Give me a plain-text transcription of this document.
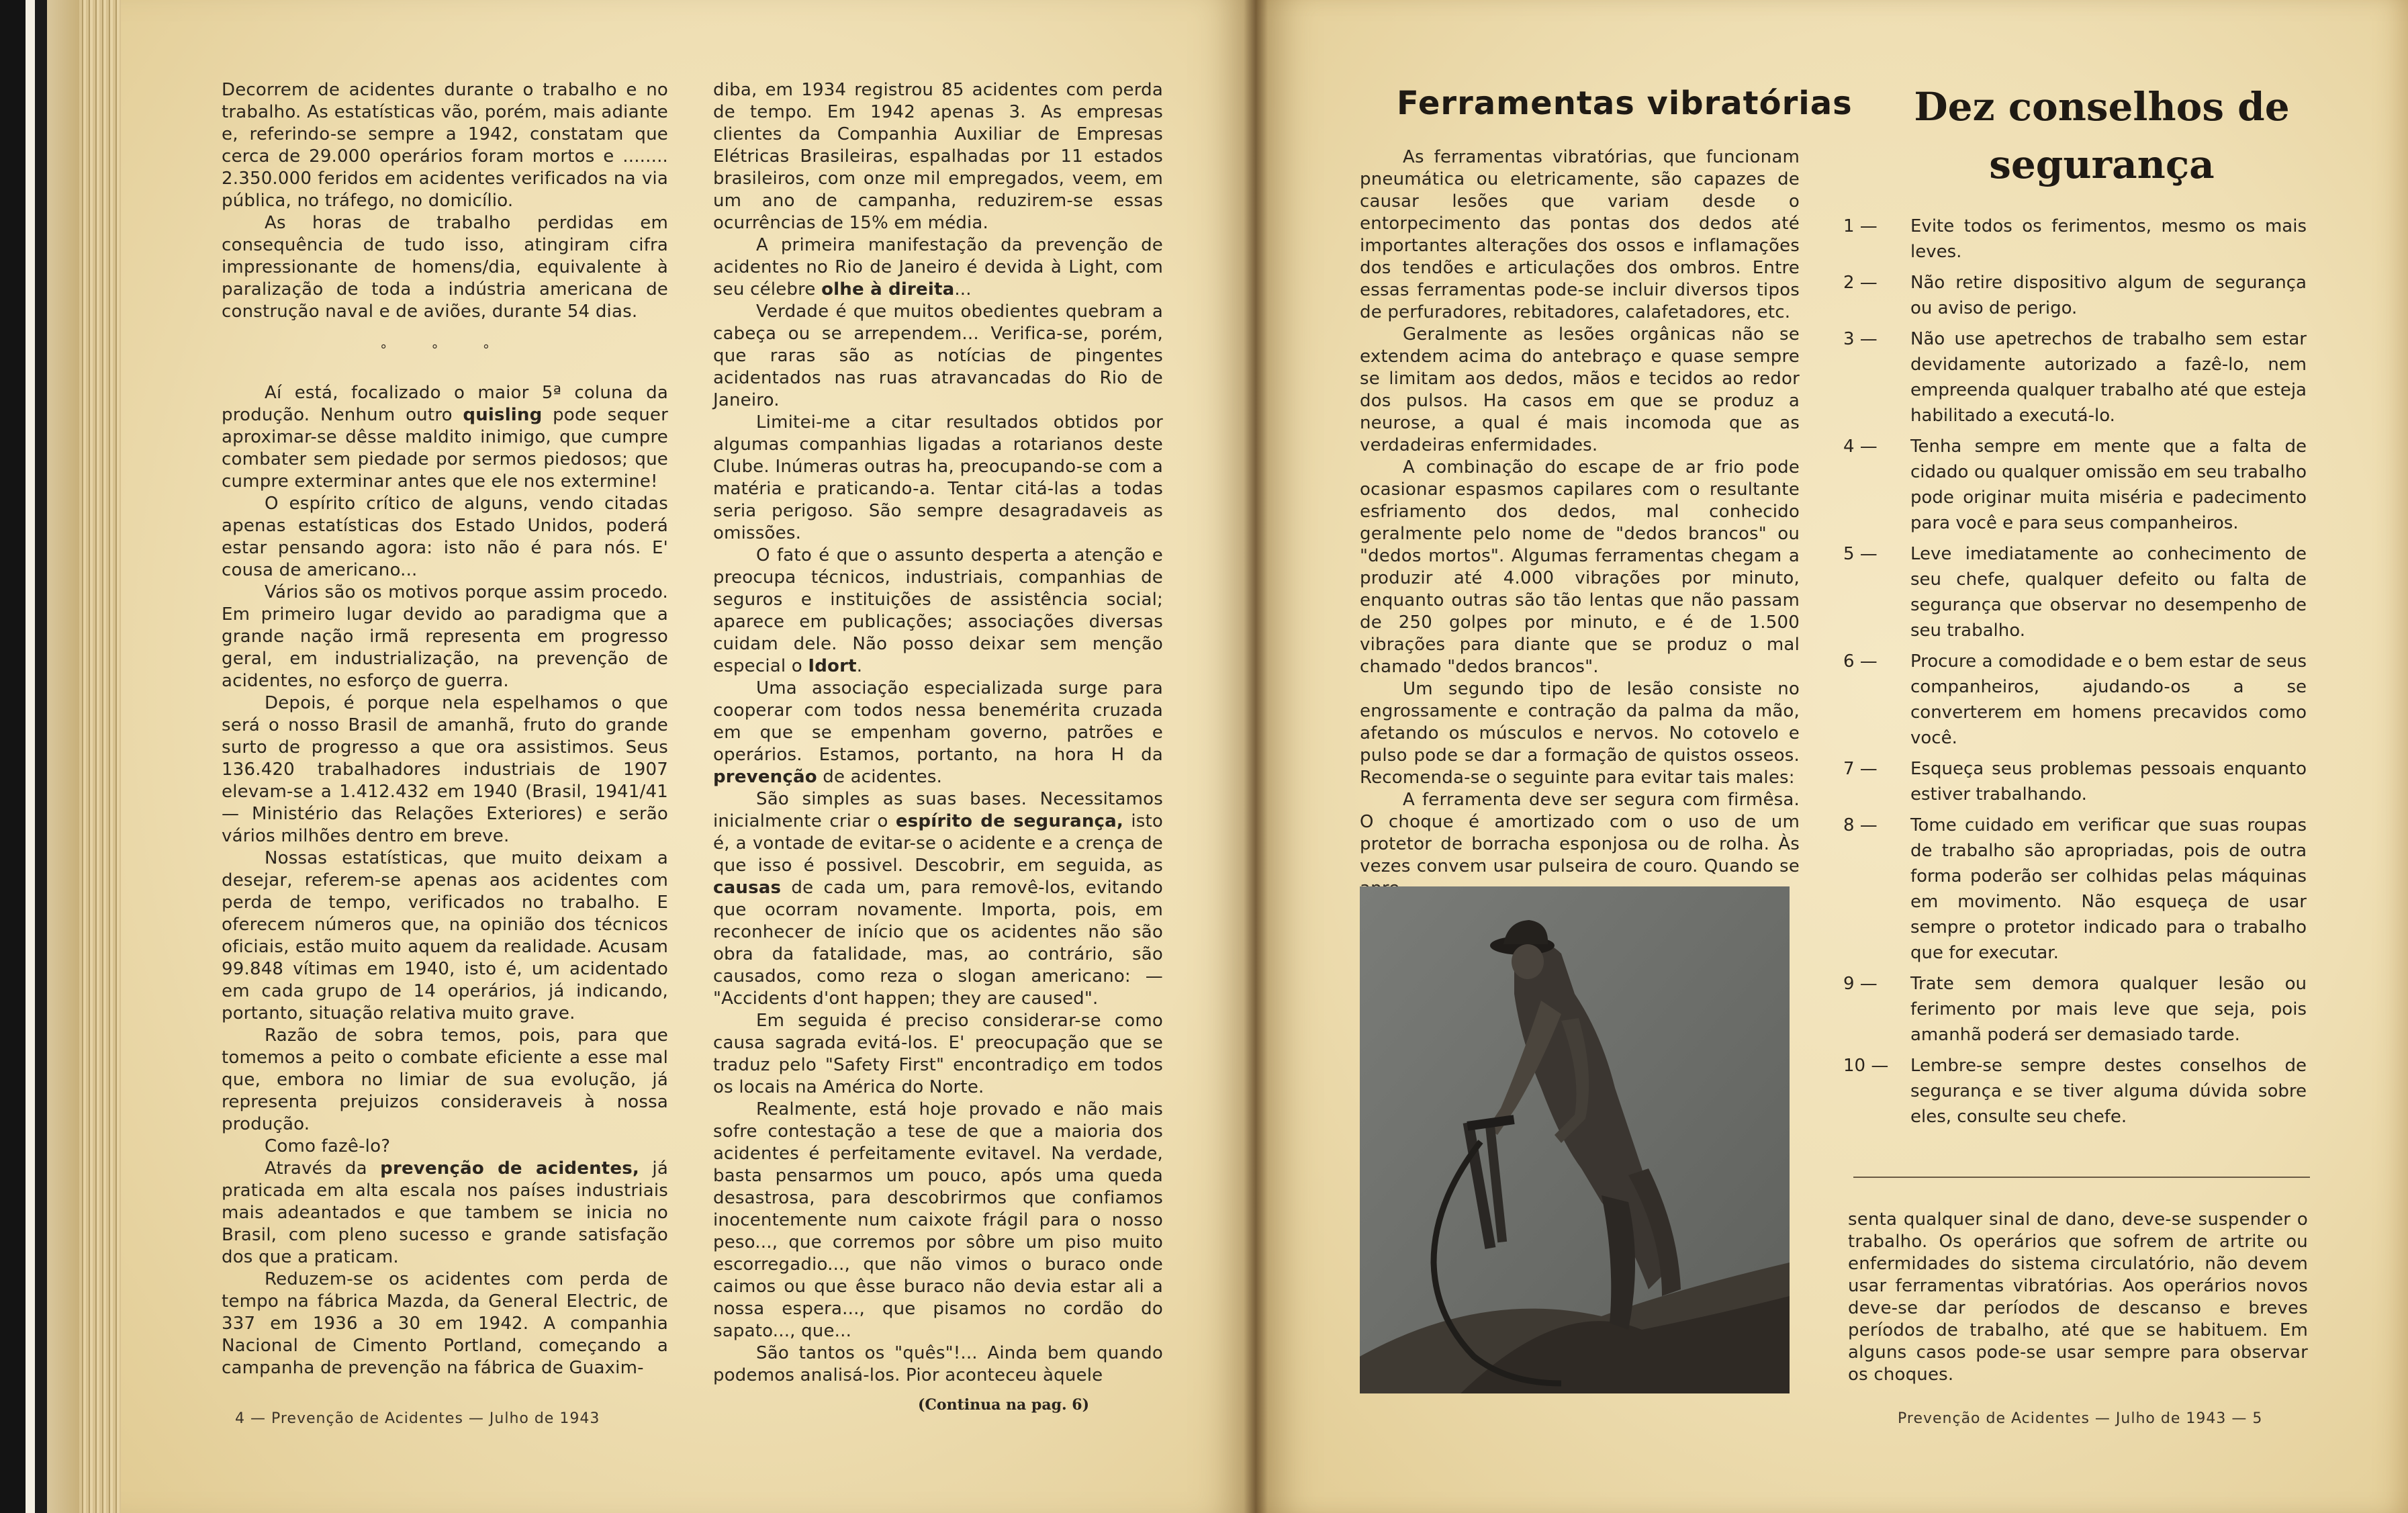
Decorrem de acidentes durante o trabalho e no trabalho. As estatísticas vão, porém, mais adiante e, referindo-se sempre a 1942, constatam que cerca de 29.000 operários foram mortos e ........ 2.350.000 feridos em acidentes verificados na via pública, no tráfego, no domicílio.

As horas de trabalho perdidas em consequência de tudo isso, atingiram cifra impressionante de homens/dia, equivalente à paralização de toda a indústria americana de construção naval e de aviões, durante 54 dias.

° ° °

Aí está, focalizado o maior 5ª coluna da produção. Nenhum outro quisling pode sequer aproximar-se dêsse maldito inimigo, que cumpre combater sem piedade por sermos piedosos; que cumpre exterminar antes que ele nos extermine!

O espírito crítico de alguns, vendo citadas apenas estatísticas dos Estado Unidos, poderá estar pensando agora: isto não é para nós. E' cousa de americano...

Vários são os motivos porque assim procedo. Em primeiro lugar devido ao paradigma que a grande nação irmã representa em progresso geral, em industrialização, na prevenção de acidentes, no esforço de guerra.

Depois, é porque nela espelhamos o que será o nosso Brasil de amanhã, fruto do grande surto de progresso a que ora assistimos. Seus 136.420 trabalhadores industriais de 1907 elevam-se a 1.412.432 em 1940 (Brasil, 1941/41 — Ministério das Relações Exteriores) e serão vários milhões dentro em breve.

Nossas estatísticas, que muito deixam a desejar, referem-se apenas aos acidentes com perda de tempo, verificados no trabalho. E oferecem números que, na opinião dos técnicos oficiais, estão muito aquem da realidade. Acusam 99.848 vítimas em 1940, isto é, um acidentado em cada grupo de 14 operários, já indicando, portanto, situação relativa muito grave.

Razão de sobra temos, pois, para que tomemos a peito o combate eficiente a esse mal que, embora no limiar de sua evolução, já representa prejuizos consideraveis à nossa produção.

Como fazê-lo?

Através da prevenção de acidentes, já praticada em alta escala nos países industriais mais adeantados e que tambem se inicia no Brasil, com pleno sucesso e grande satisfação dos que a praticam.

Reduzem-se os acidentes com perda de tempo na fábrica Mazda, da General Electric, de 337 em 1936 a 30 em 1942. A companhia Nacional de Cimento Portland, começando a campanha de prevenção na fábrica de Guaxim-

diba, em 1934 registrou 85 acidentes com perda de tempo. Em 1942 apenas 3. As empresas clientes da Companhia Auxiliar de Empresas Elétricas Brasileiras, espalhadas por 11 estados brasileiros, com onze mil empregados, veem, em um ano de campanha, reduzirem-se essas ocurrências de 15% em média.

A primeira manifestação da prevenção de acidentes no Rio de Janeiro é devida à Light, com seu célebre olhe à direita...

Verdade é que muitos obedientes quebram a cabeça ou se arrependem... Verifica-se, porém, que raras são as notícias de pingentes acidentados nas ruas atravancadas do Rio de Janeiro.

Limitei-me a citar resultados obtidos por algumas companhias ligadas a rotarianos deste Clube. Inúmeras outras ha, preocupando-se com a matéria e praticando-a. Tentar citá-las a todas seria perigoso. São sempre desagradaveis as omissões.

O fato é que o assunto desperta a atenção e preocupa técnicos, industriais, companhias de seguros e instituições de assistência social; aparece em publicações; associações diversas cuidam dele. Não posso deixar sem menção especial o Idort.

Uma associação especializada surge para cooperar com todos nessa benemérita cruzada em que se empenham governo, patrões e operários. Estamos, portanto, na hora H da prevenção de acidentes.

São simples as suas bases. Necessitamos inicialmente criar o espírito de segurança, isto é, a vontade de evitar-se o acidente e a crença de que isso é possivel. Descobrir, em seguida, as causas de cada um, para removê-los, evitando que ocorram novamente. Importa, pois, em reconhecer de início que os acidentes não são obra da fatalidade, mas, ao contrário, são causados, como reza o slogan americano: — "Accidents d'ont happen; they are caused".

Em seguida é preciso considerar-se como causa sagrada evitá-los. E' preocupação que se traduz pelo "Safety First" encontradiço em todos os locais na América do Norte.

Realmente, está hoje provado e não mais sofre contestação a tese de que a maioria dos acidentes é perfeitamente evitavel. Na verdade, basta pensarmos um pouco, após uma queda desastrosa, para descobrirmos que confiamos inocentemente num caixote frágil para o nosso peso..., que corremos por sôbre um piso muito escorregadio..., que não vimos o buraco onde caimos ou que êsse buraco não devia estar ali a nossa espera..., que pisamos no cordão do sapato..., que...

São tantos os "quês"!... Ainda bem quando podemos analisá-los. Pior aconteceu àquele

(Continua na pag. 6)
4 — Prevenção de Acidentes — Julho de 1943
Ferramentas vibratórias

As ferramentas vibratórias, que funcionam pneumática ou eletricamente, são capazes de causar lesões que variam desde o entorpecimento das pontas dos dedos até importantes alterações dos ossos e inflamações dos tendões e articulações dos ombros. Entre essas ferramentas pode-se incluir diversos tipos de perfuradores, rebitadores, calafetadores, etc.

Geralmente as lesões orgânicas não se extendem acima do antebraço e quase sempre se limitam aos dedos, mãos e tecidos ao redor dos pulsos. Ha casos em que se produz a neurose, a qual é mais incomoda que as verdadeiras enfermidades.

A combinação do escape de ar frio pode ocasionar espasmos capilares com o resultante esfriamento dos dedos, mal conhecido geralmente pelo nome de "dedos brancos" ou "dedos mortos". Algumas ferramentas chegam a produzir até 4.000 vibrações por minuto, enquanto outras são tão lentas que não passam de 250 golpes por minuto, e é de 1.500 vibrações para diante que se produz o mal chamado "dedos brancos".

Um segundo tipo de lesão consiste no engrossamente e contração da palma da mão, afetando os músculos e nervos. No cotovelo e pulso pode se dar a formação de quistos osseos. Recomenda-se o seguinte para evitar tais males:

A ferramenta deve ser segura com firmêsa. O choque é amortizado com o uso de um protetor de borracha esponjosa ou de rolha. Às vezes convem usar pulseira de couro. Quando se

Dez conselhos de segurança
1 —	Evite todos os ferimentos, mesmo os mais leves.
2 —	Não retire dispositivo algum de segurança ou aviso de perigo.
3 —	Não use apetrechos de trabalho sem estar devidamente autorizado a fazê-lo, nem empreenda qualquer trabalho até que esteja habilitado a executá-lo.
4 —	Tenha sempre em mente que a falta de cidado ou qualquer omissão em seu trabalho pode originar muita miséria e padecimento para você e para seus companheiros.
5 —	Leve imediatamente ao conhecimento de seu chefe, qualquer defeito ou falta de segurança que observar no desempenho de seu trabalho.
6 —	Procure a comodidade e o bem estar de seus companheiros, ajudando-os a se converterem em homens precavidos como você.
7 —	Esqueça seus problemas pessoais enquanto estiver trabalhando.
8 —	Tome cuidado em verificar que suas roupas de trabalho são apropriadas, pois de outra forma poderão ser colhidas pelas máquinas em movimento. Não esqueça de usar sempre o protetor indicado para o trabalho que for executar.
9 —	Trate sem demora qualquer lesão ou ferimento por mais leve que seja, pois amanhã poderá ser demasiado tarde.
10 —	Lembre-se sempre destes conselhos de segurança e se tiver alguma dúvida sobre eles, consulte seu chefe.

senta qualquer sinal de dano, deve-se suspender o trabalho. Os operários que sofrem de artrite ou enfermidades do sistema circulatório, não devem usar ferramentas vibratórias. Aos operários novos deve-se dar períodos de descanso e breves períodos de trabalho, até que se habituem. Em alguns casos pode-se usar sempre para observar os choques.

Prevenção de Acidentes — Julho de 1943 — 5
